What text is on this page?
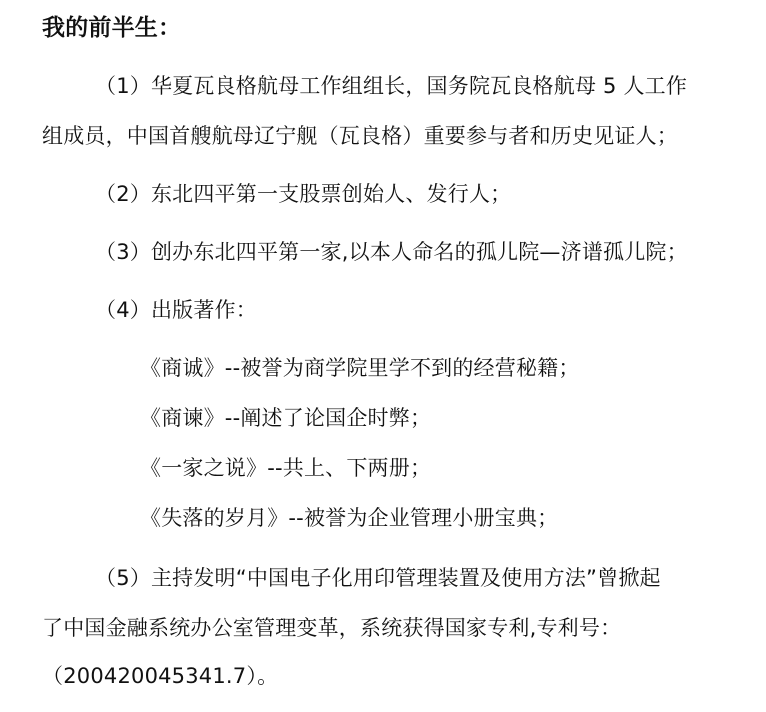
我的前半生：
（1）华夏瓦良格航母工作组组长，国务院瓦良格航母 5 人工作
组成员，中国首艘航母辽宁舰（瓦良格）重要参与者和历史见证人；
（2）东北四平第一支股票创始人、发行人；
（3）创办东北四平第一家,以本人命名的孤儿院—济谱孤儿院；
（4）出版著作：
《商诚》--被誉为商学院里学不到的经营秘籍；
《商谏》--阐述了论国企时弊；
《一家之说》--共上、下两册；
《失落的岁月》--被誉为企业管理小册宝典；
（5）主持发明“中国电子化用印管理装置及使用方法”曾掀起
了中国金融系统办公室管理变革，系统获得国家专利,专利号：
（200420045341.7）。
